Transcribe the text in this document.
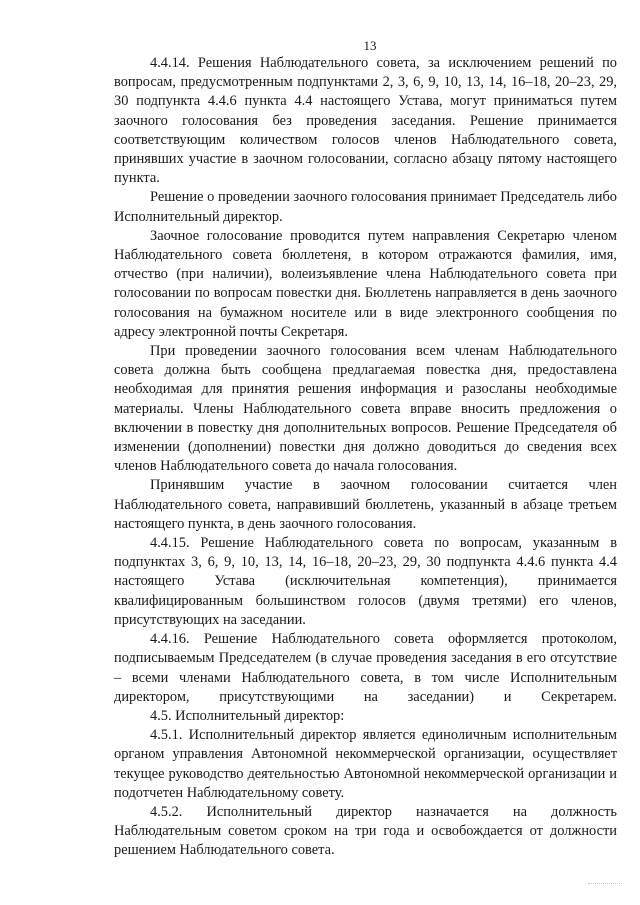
13

4.4.14. Решения Наблюдательного совета, за исключением решений по вопросам, предусмотренным подпунктами 2, 3, 6, 9, 10, 13, 14, 16–18, 20–23, 29, 30 подпункта 4.4.6 пункта 4.4 настоящего Устава, могут приниматься путем заочного голосования без проведения заседания. Решение принимается соответствующим количеством голосов членов Наблюдательного совета, принявших участие в заочном голосовании, согласно абзацу пятому настоящего пункта.

Решение о проведении заочного голосования принимает Председатель либо Исполнительный директор.

Заочное голосование проводится путем направления Секретарю членом Наблюдательного совета бюллетеня, в котором отражаются фамилия, имя, отчество (при наличии), волеизъявление члена Наблюдательного совета при голосовании по вопросам повестки дня. Бюллетень направляется в день заочного голосования на бумажном носителе или в виде электронного сообщения по адресу электронной почты Секретаря.

При проведении заочного голосования всем членам Наблюдательного совета должна быть сообщена предлагаемая повестка дня, предоставлена необходимая для принятия решения информация и разосланы необходимые материалы. Члены Наблюдательного совета вправе вносить предложения о включении в повестку дня дополнительных вопросов. Решение Председателя об изменении (дополнении) повестки дня должно доводиться до сведения всех членов Наблюдательного совета до начала голосования.

Принявшим участие в заочном голосовании считается член Наблюдательного совета, направивший бюллетень, указанный в абзаце третьем настоящего пункта, в день заочного голосования.

4.4.15. Решение Наблюдательного совета по вопросам, указанным в подпунктах 3, 6, 9, 10, 13, 14, 16–18, 20–23, 29, 30 подпункта 4.4.6 пункта 4.4 настоящего Устава (исключительная компетенция), принимается квалифицированным большинством голосов (двумя третями) его членов, присутствующих на заседании.

4.4.16. Решение Наблюдательного совета оформляется протоколом, подписываемым Председателем (в случае проведения заседания в его отсутствие – всеми членами Наблюдательного совета, в том числе Исполнительным директором, присутствующими на заседании) и Секретарем.

4.5. Исполнительный директор:

4.5.1. Исполнительный директор является единоличным исполнительным органом управления Автономной некоммерческой организации, осуществляет текущее руководство деятельностью Автономной некоммерческой организации и подотчетен Наблюдательному совету.

4.5.2. Исполнительный директор назначается на должность Наблюдательным советом сроком на три года и освобождается от должности решением Наблюдательного совета.
